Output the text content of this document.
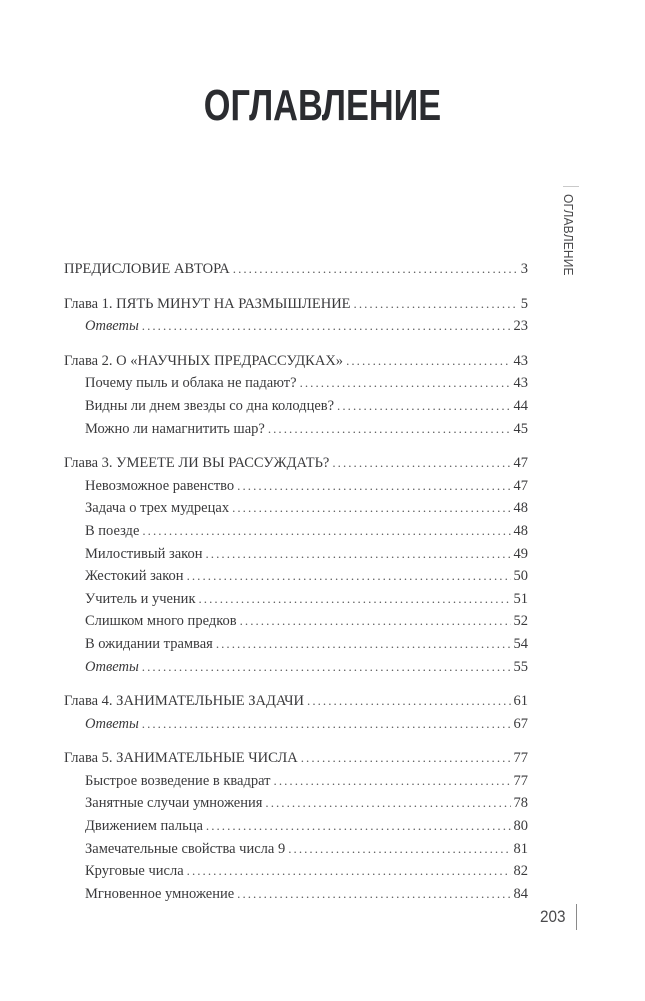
ОГЛАВЛЕНИЕ
ОГЛАВЛЕНИЕ
ПРЕДИСЛОВИЕ АВТОРА . . .	3
Глава 1. ПЯТЬ МИНУТ НА РАЗМЫШЛЕНИЕ . . .	5
Ответы . . .	23
Глава 2. О «НАУЧНЫХ ПРЕДРАССУДКАХ» . . .	43
Почему пыль и облака не падают? . . .	43
Видны ли днем звезды со дна колодцев? . . .	44
Можно ли намагнитить шар? . . .	45
Глава 3. УМЕЕТЕ ЛИ ВЫ РАССУЖДАТЬ? . . .	47
Невозможное равенство . . .	47
Задача о трех мудрецах . . .	48
В поезде . . .	48
Милостивый закон . . .	49
Жестокий закон . . .	50
Учитель и ученик . . .	51
Слишком много предков . . .	52
В ожидании трамвая . . .	54
Ответы . . .	55
Глава 4. ЗАНИМАТЕЛЬНЫЕ ЗАДАЧИ . . .	61
Ответы . . .	67
Глава 5. ЗАНИМАТЕЛЬНЫЕ ЧИСЛА . . .	77
Быстрое возведение в квадрат . . .	77
Занятные случаи умножения . . .	78
Движением пальца . . .	80
Замечательные свойства числа 9 . . .	81
Круговые числа . . .	82
Мгновенное умножение . . .	84
203
